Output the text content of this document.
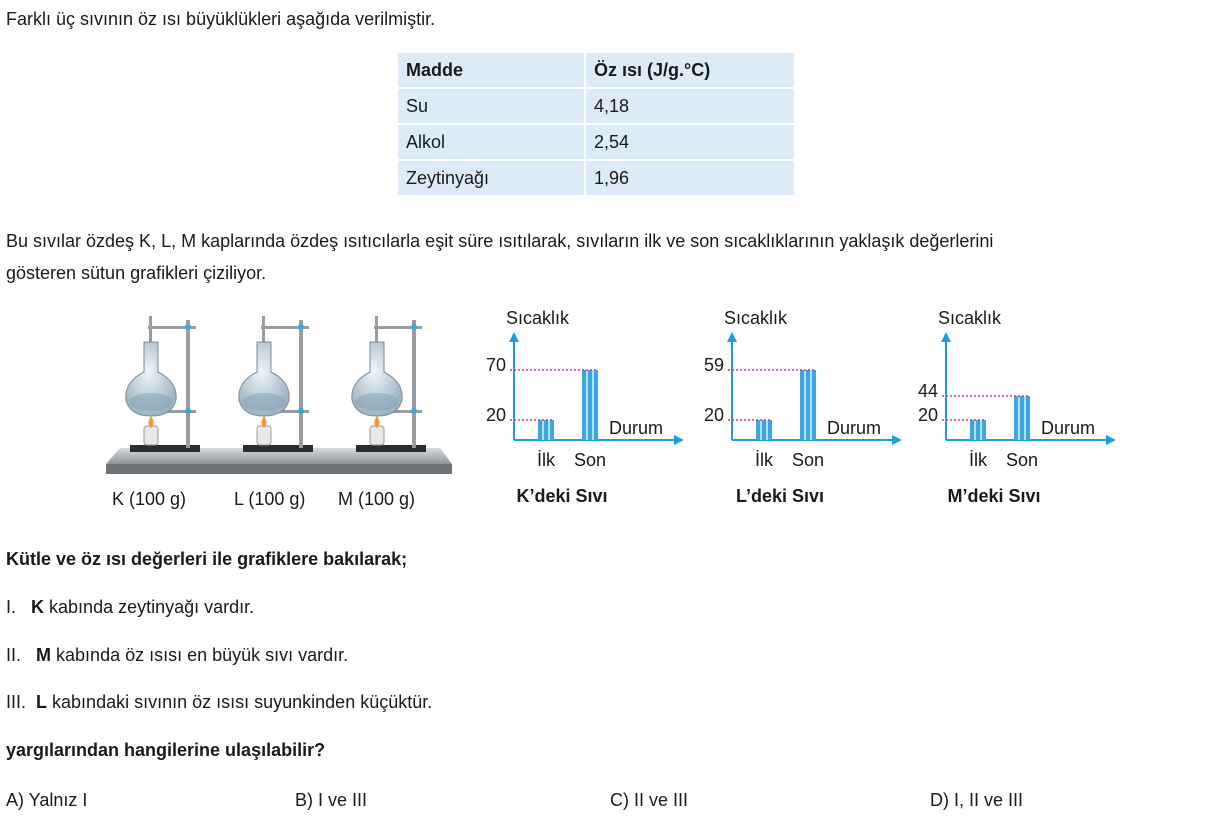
Farklı üç sıvının öz ısı büyüklükleri aşağıda verilmiştir.
Madde	Öz ısı (J/g.°C)
Su	4,18
Alkol	2,54
Zeytinyağı	1,96
Bu sıvılar özdeş K, L, M kaplarında özdeş ısıtıcılarla eşit süre ısıtılarak, sıvıların ilk ve son sıcaklıklarının yaklaşık değerlerini
gösteren sütun grafikleri çiziliyor.
K (100 g)	L (100 g) M (100 g)
Sıcaklık
Durum
20
İlk
70
Son
K’deki Sıvı
Sıcaklık
Durum
20
İlk
59
Son
L’deki Sıvı
Sıcaklık
Durum
20
İlk
44
Son
M’deki Sıvı
Kütle ve öz ısı değerleri ile grafiklere bakılarak;
I. K kabında zeytinyağı vardır.
II. M kabında öz ısısı en büyük sıvı vardır.
III. L kabındaki sıvının öz ısısı suyunkinden küçüktür.
yargılarından hangilerine ulaşılabilir?
A) Yalnız I	B) I ve III	C) II ve III	D) I, II ve III
